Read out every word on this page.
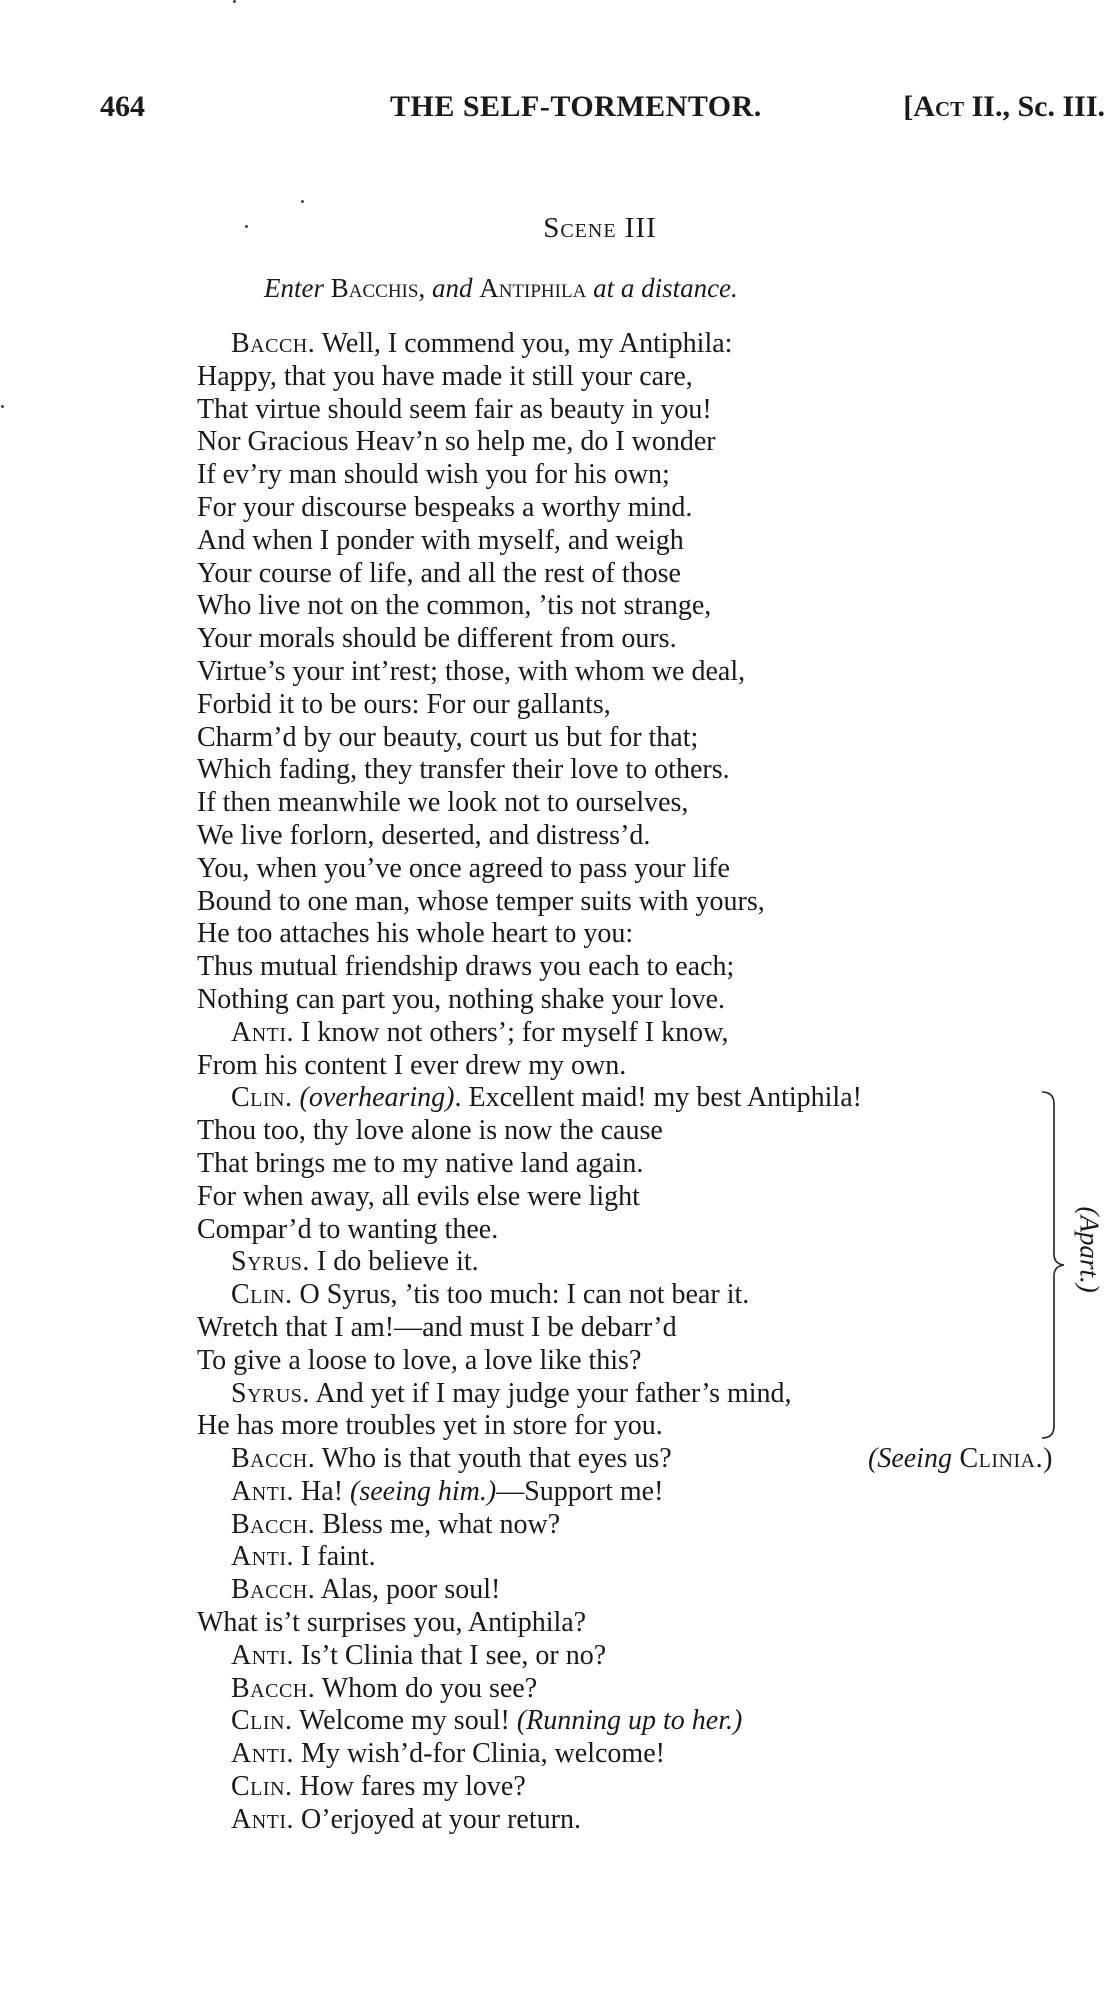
464	THE SELF-TORMENTOR.	[Act II., Sc. III.
Scene III
Enter Bacchis, and Antiphila at a distance.
Bacch. Well, I commend you, my Antiphila:
Happy, that you have made it still your care,
That virtue should seem fair as beauty in you!
Nor Gracious Heav’n so help me, do I wonder
If ev’ry man should wish you for his own;
For your discourse bespeaks a worthy mind.
And when I ponder with myself, and weigh
Your course of life, and all the rest of those
Who live not on the common, ’tis not strange,
Your morals should be different from ours.
Virtue’s your int’rest; those, with whom we deal,
Forbid it to be ours: For our gallants,
Charm’d by our beauty, court us but for that;
Which fading, they transfer their love to others.
If then meanwhile we look not to ourselves,
We live forlorn, deserted, and distress’d.
You, when you’ve once agreed to pass your life
Bound to one man, whose temper suits with yours,
He too attaches his whole heart to you:
Thus mutual friendship draws you each to each;
Nothing can part you, nothing shake your love.
Anti. I know not others’; for myself I know,
From his content I ever drew my own.
Clin. (overhearing). Excellent maid! my best Antiphila!
Thou too, thy love alone is now the cause
That brings me to my native land again.
For when away, all evils else were light
Compar’d to wanting thee.
Syrus. I do believe it.
Clin. O Syrus, ’tis too much: I can not bear it.
Wretch that I am!—and must I be debarr’d
To give a loose to love, a love like this?
Syrus. And yet if I may judge your father’s mind,
He has more troubles yet in store for you.
Bacch. Who is that youth that eyes us?	(Seeing Clinia.)
Anti. Ha! (seeing him.)—Support me!
Bacch. Bless me, what now?
Anti. I faint.
Bacch. Alas, poor soul!
What is’t surprises you, Antiphila?
Anti. Is’t Clinia that I see, or no?
Bacch. Whom do you see?
Clin. Welcome my soul! (Running up to her.)
Anti. My wish’d-for Clinia, welcome!
Clin. How fares my love?
Anti. O’erjoyed at your return.
(Apart.)
